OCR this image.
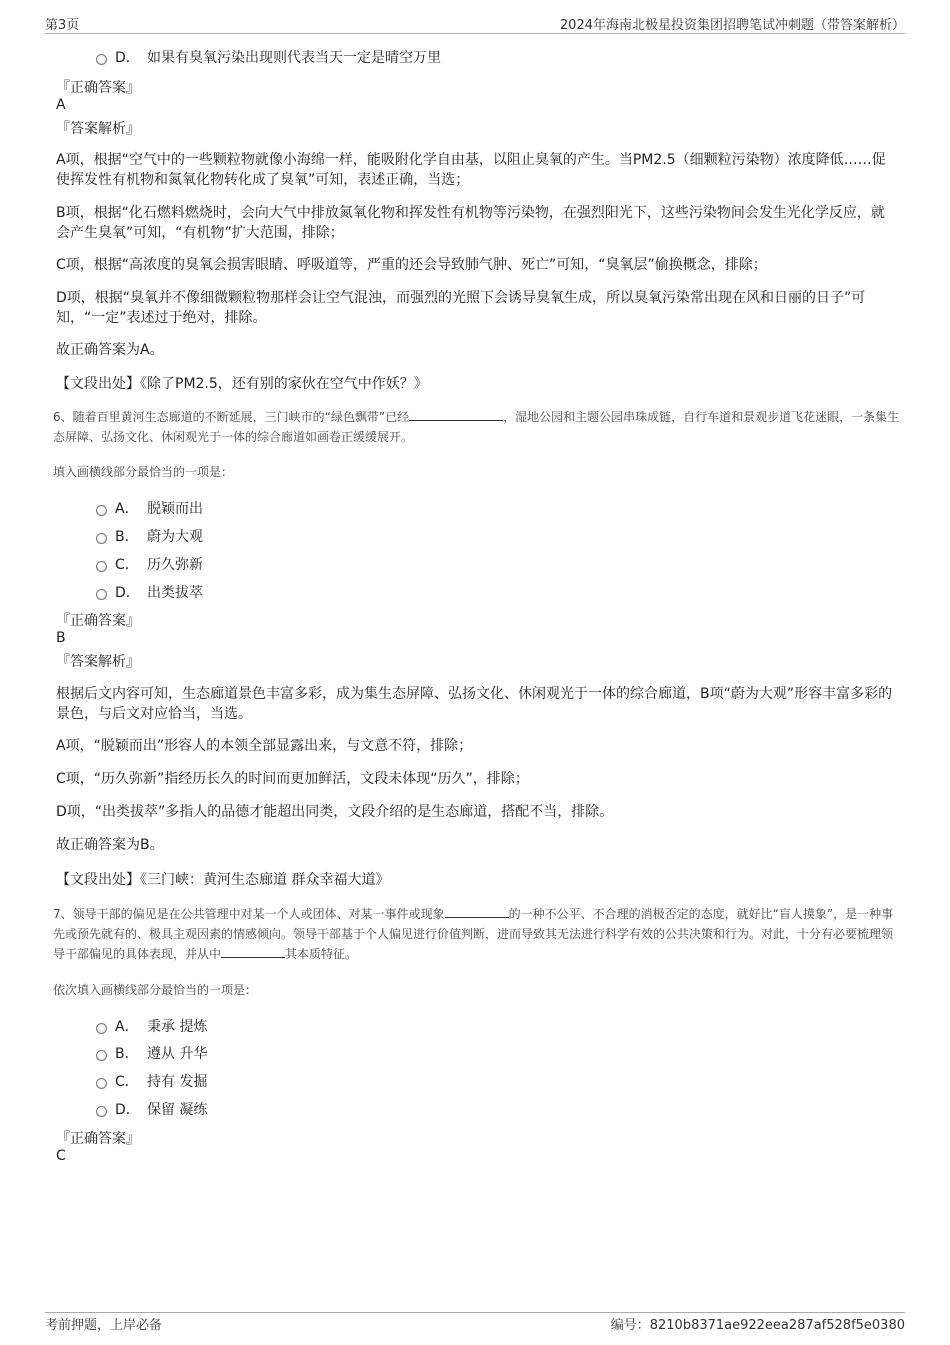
第3页	2024年海南北极星投资集团招聘笔试冲刺题（带答案解析）
D． 如果有臭氧污染出现则代表当天一定是晴空万里
『正确答案』
A
『答案解析』
A项，根据“空气中的一些颗粒物就像小海绵一样，能吸附化学自由基，以阻止臭氧的产生。当PM2.5（细颗粒污染物）浓度降低……促使挥发性有机物和氮氧化物转化成了臭氧”可知，表述正确，当选；
B项，根据“化石燃料燃烧时，会向大气中排放氮氧化物和挥发性有机物等污染物，在强烈阳光下，这些污染物间会发生光化学反应，就会产生臭氧”可知，“有机物”扩大范围，排除；
C项，根据“高浓度的臭氧会损害眼睛、呼吸道等，严重的还会导致肺气肿、死亡”可知，“臭氧层”偷换概念，排除；
D项，根据“臭氧并不像细微颗粒物那样会让空气混浊，而强烈的光照下会诱导臭氧生成，所以臭氧污染常出现在风和日丽的日子”可知，“一定”表述过于绝对，排除。
故正确答案为A。
【文段出处】《除了PM2.5，还有别的家伙在空气中作妖？》
6、随着百里黄河生态廊道的不断延展，三门峡市的“绿色飘带”已经	，湿地公园和主题公园串珠成链，自行车道和景观步道飞花迷眼，一条集生态屏障、弘扬文化、休闲观光于一体的综合廊道如画卷正缓缓展开。
填入画横线部分最恰当的一项是：
A． 脱颖而出
B． 蔚为大观
C． 历久弥新
D． 出类拔萃
『正确答案』
B
『答案解析』
根据后文内容可知，生态廊道景色丰富多彩，成为集生态屏障、弘扬文化、休闲观光于一体的综合廊道，B项“蔚为大观”形容丰富多彩的景色，与后文对应恰当，当选。
A项，“脱颖而出”形容人的本领全部显露出来，与文意不符，排除；
C项，“历久弥新”指经历长久的时间而更加鲜活，文段未体现“历久”，排除；
D项，“出类拔萃”多指人的品德才能超出同类，文段介绍的是生态廊道，搭配不当，排除。
故正确答案为B。
【文段出处】《三门峡：黄河生态廊道 群众幸福大道》
7、领导干部的偏见是在公共管理中对某一个人或团体、对某一事件或现象	的一种不公平、不合理的消极否定的态度，就好比“盲人摸象”，是一种事先或预先就有的、极具主观因素的情感倾向。领导干部基于个人偏见进行价值判断，进而导致其无法进行科学有效的公共决策和行为。对此，十分有必要梳理领导干部偏见的具体表现，并从中	其本质特征。
依次填入画横线部分最恰当的一项是：
A． 秉承 提炼
B． 遵从 升华
C． 持有 发掘
D． 保留 凝练
『正确答案』
C
考前押题，上岸必备	编号：8210b8371ae922eea287af528f5e0380
